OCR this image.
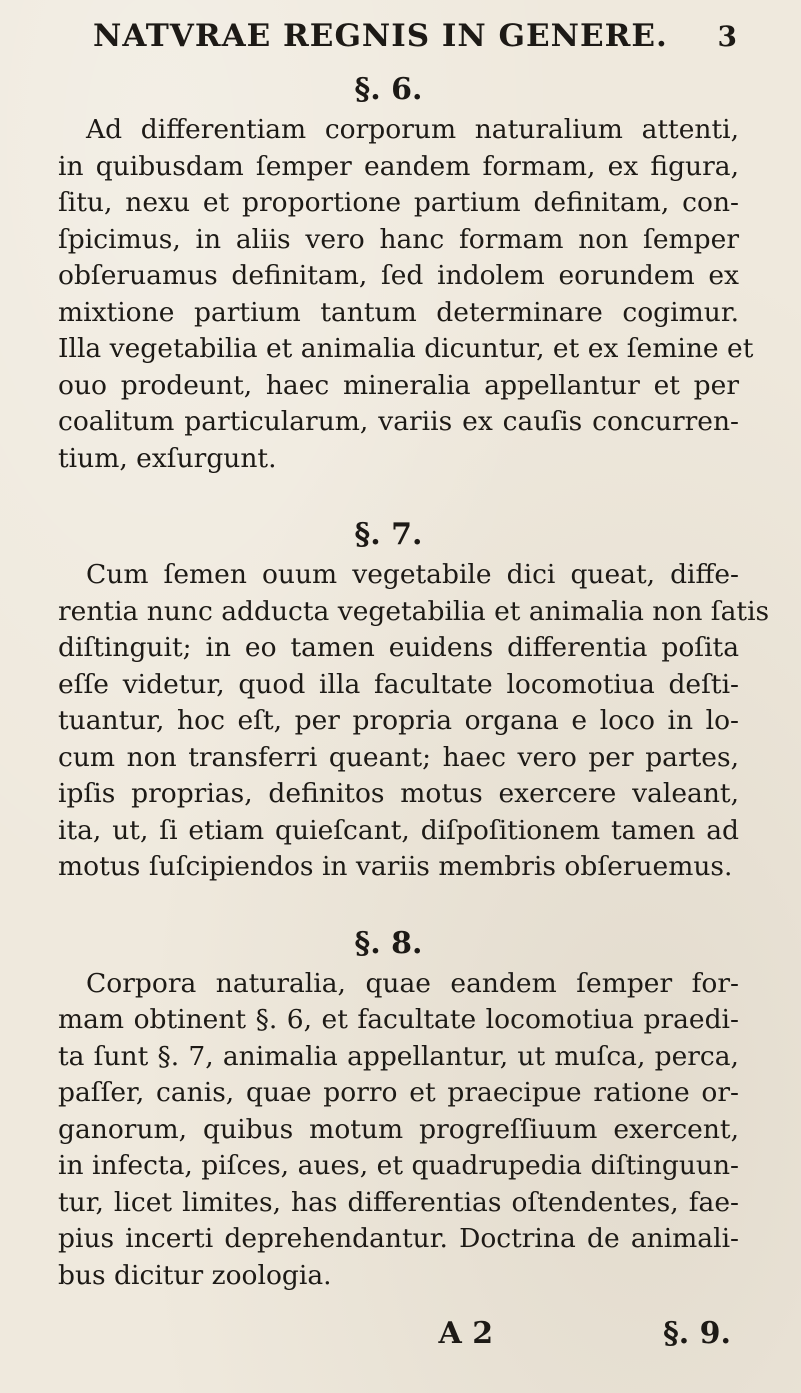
NATVRAE REGNIS IN GENERE. 3
§. 6.

Ad differentiam corporum naturalium attenti,
in quibusdam ſemper eandem formam, ex figura,
ſitu, nexu et proportione partium definitam, con-
ſpicimus, in aliis vero hanc formam non ſemper
obſeruamus definitam, ſed indolem eorundem ex
mixtione partium tantum determinare cogimur.
Illa vegetabilia et animalia dicuntur, et ex ſemine et
ouo prodeunt, haec mineralia appellantur et per
coalitum particularum, variis ex cauſis concurren-
tium, exſurgunt.

§. 7.

Cum ſemen ouum vegetabile dici queat, diffe-
rentia nunc adducta vegetabilia et animalia non ſatis
diſtinguit; in eo tamen euidens differentia poſita
eſſe videtur, quod illa facultate locomotiua deſti-
tuantur, hoc eſt, per propria organa e loco in lo-
cum non transferri queant; haec vero per partes,
ipſis proprias, definitos motus exercere valeant,
ita, ut, ſi etiam quieſcant, diſpoſitionem tamen ad
motus ſuſcipiendos in variis membris obſeruemus.

§. 8.

Corpora naturalia, quae eandem ſemper for-
mam obtinent §. 6, et facultate locomotiua praedi-
ta ſunt §. 7, animalia appellantur, ut muſca, perca,
paſſer, canis, quae porro et praecipue ratione or-
ganorum, quibus motum progreſſiuum exercent,
in infecta, piſces, aues, et quadrupedia diſtinguun-
tur, licet limites, has differentias oſtendentes, fae-
pius incerti deprehendantur. Doctrina de animali-
bus dicitur zoologia.

A 2	§. 9.
